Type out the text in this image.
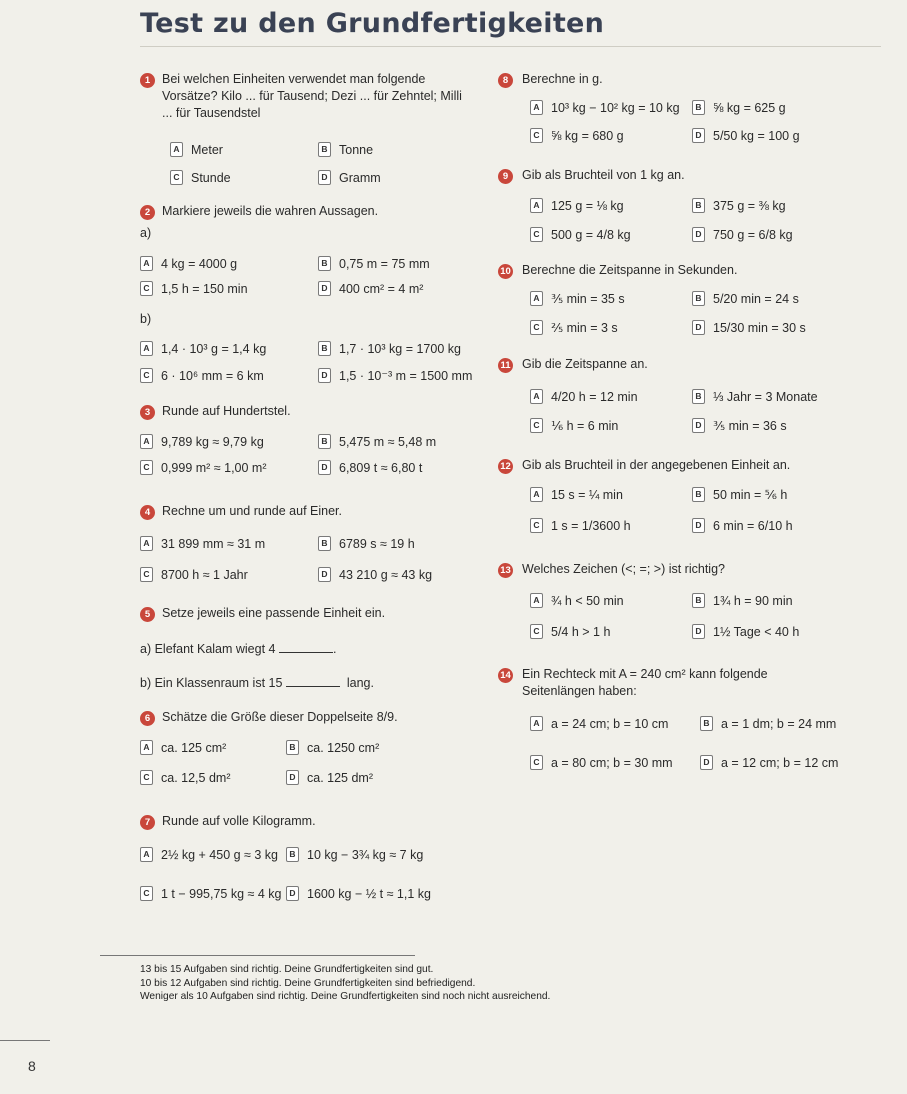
Test zu den Grundfertigkeiten
1 Bei welchen Einheiten verwendet man folgende Vorsätze? Kilo ... für Tausend; Dezi ... für Zehntel; Milli ... für Tausendstel
A Meter	B Tonne
C Stunde	D Gramm
2 Markiere jeweils die wahren Aussagen.
a)
A 4 kg = 4000 g	B 0,75 m = 75 mm
C 1,5 h = 150 min	D 400 cm² = 4 m²
b)
A 1,4 · 10³ g = 1,4 kg	B 1,7 · 10³ kg = 1700 kg
C 6 · 10⁶ mm = 6 km	D 1,5 · 10⁻³ m = 1500 mm
3 Runde auf Hundertstel.
A 9,789 kg ≈ 9,79 kg	B 5,475 m ≈ 5,48 m
C 0,999 m² ≈ 1,00 m²	D 6,809 t ≈ 6,80 t
4 Rechne um und runde auf Einer.
A 31 899 mm ≈ 31 m	B 6789 s ≈ 19 h
C 8700 h ≈ 1 Jahr	D 43 210 g ≈ 43 kg
5 Setze jeweils eine passende Einheit ein.
a) Elefant Kalam wiegt 4	.
b) Ein Klassenraum ist 15	lang.
6 Schätze die Größe dieser Doppelseite 8/9.
A ca. 125 cm²	B ca. 1250 cm²
C ca. 12,5 dm²	D ca. 125 dm²
7 Runde auf volle Kilogramm.
A 2½ kg + 450 g ≈ 3 kg	B 10 kg − 3¾ kg ≈ 7 kg
C 1 t − 995,75 kg ≈ 4 kg D 1600 kg − ½ t ≈ 1,1 kg
8	Berechne in g.
A 10³ kg − 10² kg = 10 kg	B ⅝ kg = 625 g
C ⅝ kg = 680 g	D 5/50 kg = 100 g
9	Gib als Bruchteil von 1 kg an.
A 125 g = ⅛ kg	B 375 g = ⅜ kg
C 500 g = 4/8 kg	D 750 g = 6/8 kg
10 Berechne die Zeitspanne in Sekunden.
A ⅗ min = 35 s	B 5/20 min = 24 s
C ⅖ min = 3 s	D 15/30 min = 30 s
11 Gib die Zeitspanne an.
A 4/20 h = 12 min	B ⅓ Jahr = 3 Monate
C ⅙ h = 6 min	D ⅗ min = 36 s
12 Gib als Bruchteil in der angegebenen Einheit an.
A 15 s = ¼ min	B 50 min = ⅚ h
C 1 s = 1/3600 h	D 6 min = 6/10 h
13 Welches Zeichen (<; =; >) ist richtig?
A ¾ h < 50 min	B 1¾ h = 90 min
C 5/4 h > 1 h	D 1½ Tage < 40 h
14 Ein Rechteck mit A = 240 cm² kann folgende Seitenlängen haben:
A a = 24 cm; b = 10 cm	B a = 1 dm; b = 24 mm
C a = 80 cm; b = 30 mm	D a = 12 cm; b = 12 cm
13 bis 15 Aufgaben sind richtig. Deine Grundfertigkeiten sind gut.
10 bis 12 Aufgaben sind richtig. Deine Grundfertigkeiten sind befriedigend.
Weniger als 10 Aufgaben sind richtig. Deine Grundfertigkeiten sind noch nicht ausreichend.
8
